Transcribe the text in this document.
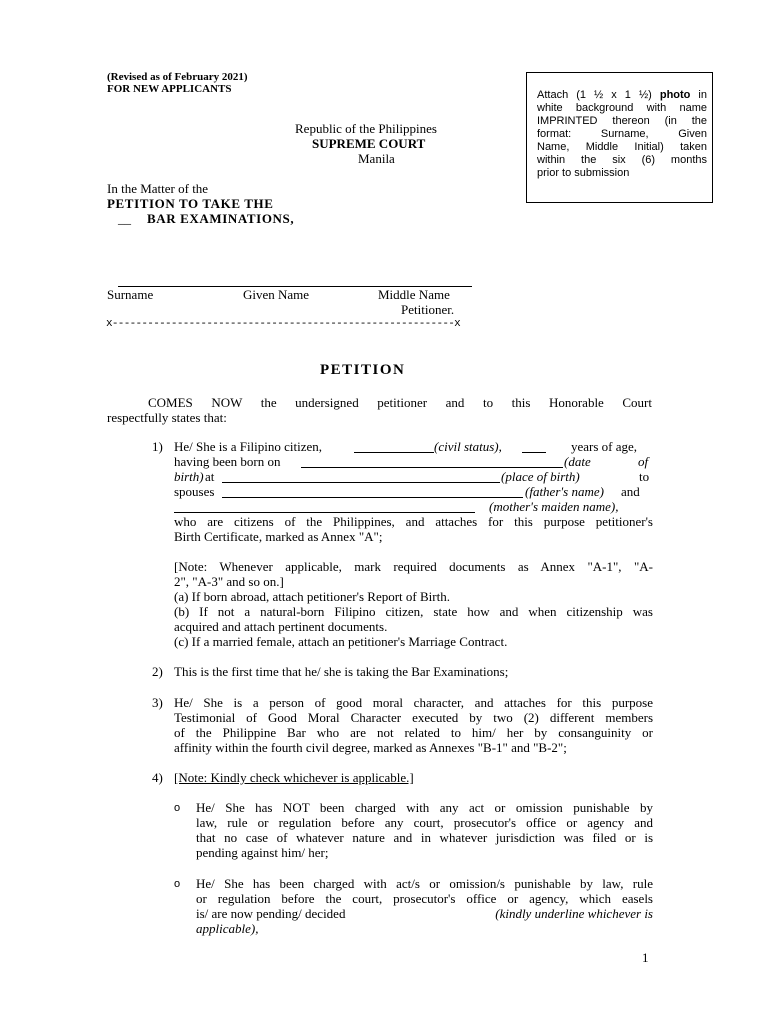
(Revised as of February 2021)
FOR NEW APPLICANTS	Attach (1 ½ x 1 ½) photo in
white background with name
IMPRINTED thereon (in the
format: Surname, Given
Name, Middle Initial) taken
within the six (6) months
prior to submission
Republic of the Philippines
SUPREME COURT
Manila
In the Matter of the
PETITION TO TAKE THE
__ BAR EXAMINATIONS,
Surname	Given Name	Middle Name
Petitioner.
x----------------------------------------------------------x
PETITION
COMES NOW the undersigned petitioner and to this Honorable Court
respectfully states that:
1) He/ She is a Filipino citizen,	(civil status),	years of age,
having been born on	(date	of
birth) at	(place of birth)	to
spouses	(father's name) and
(mother's maiden name),
who are citizens of the Philippines, and attaches for this purpose petitioner's
Birth Certificate, marked as Annex "A";
[Note: Whenever applicable, mark required documents as Annex "A-1", "A-
2", "A-3" and so on.]
(a) If born abroad, attach petitioner's Report of Birth.
(b) If not a natural-born Filipino citizen, state how and when citizenship was
acquired and attach pertinent documents.
(c) If a married female, attach an petitioner's Marriage Contract.
2) This is the first time that he/ she is taking the Bar Examinations;
3) He/ She is a person of good moral character, and attaches for this purpose
Testimonial of Good Moral Character executed by two (2) different members
of the Philippine Bar who are not related to him/ her by consanguinity or
affinity within the fourth civil degree, marked as Annexes "B-1" and "B-2";
4) [Note: Kindly check whichever is applicable.]
o He/ She has NOT been charged with any act or omission punishable by
law, rule or regulation before any court, prosecutor's office or agency and
that no case of whatever nature and in whatever jurisdiction was filed or is
pending against him/ her;
o He/ She has been charged with act/s or omission/s punishable by law, rule
or regulation before the court, prosecutor's office or agency, which easels
is/ are now pending/ decided	(kindly underline whichever is
applicable),
1
